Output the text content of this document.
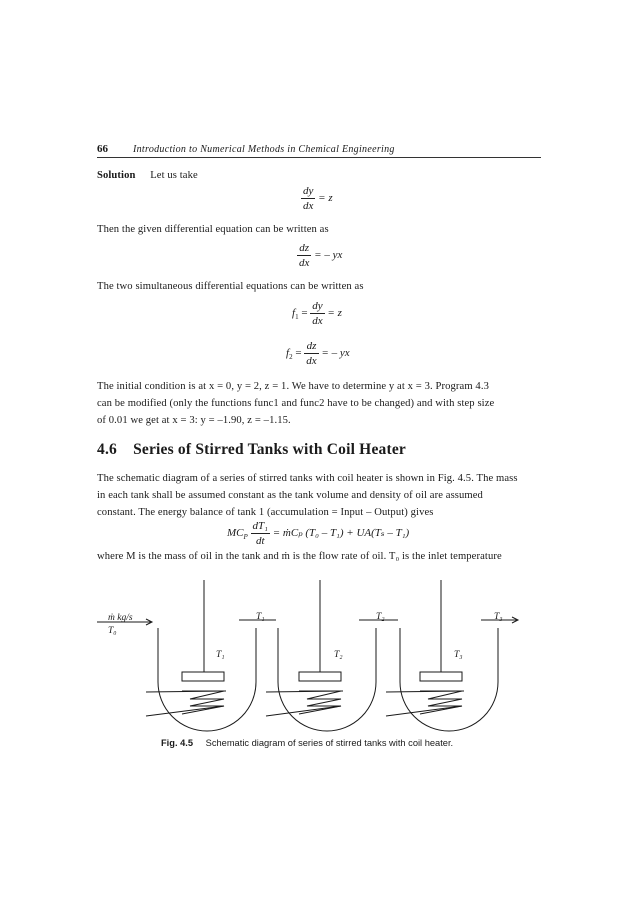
66	Introduction to Numerical Methods in Chemical Engineering
Solution Let us take
$\frac{dy}{dx} = z$
Then the given differential equation can be written as
$\frac{dz}{dx}$ = – yx
The two simultaneous differential equations can be written as
$f_1 = \frac{dy}{dx} = z$
$f_2 = \frac{dz}{dx}$ = – yx
The initial condition is at x = 0, y = 2, z = 1. We have to determine y at x = 3. Program 4.3
can be modified (only the functions func1 and func2 have to be changed) and with step size
of 0.01 we get at x = 3: y = –1.90, z = –1.15.
4.6 Series of Stirred Tanks with Coil Heater
The schematic diagram of a series of stirred tanks with coil heater is shown in Fig. 4.5. The mass
in each tank shall be assumed constant as the tank volume and density of oil are assumed
constant. The energy balance of tank 1 (accumulation = Input – Output) gives
$MC_P \frac{\text{dT₁}}{dt}$ = ṁCₚ (T₀ – T₁) + UA(Tₛ – T₁)
where M is the mass of oil in the tank and ṁ is the flow rate of oil. T₀ is the inlet temperature
ṁ kg/s
T₀
T₁	T₂	T₃
T₁	T₂	T₃
Fig. 4.5 Schematic diagram of series of stirred tanks with coil heater.
